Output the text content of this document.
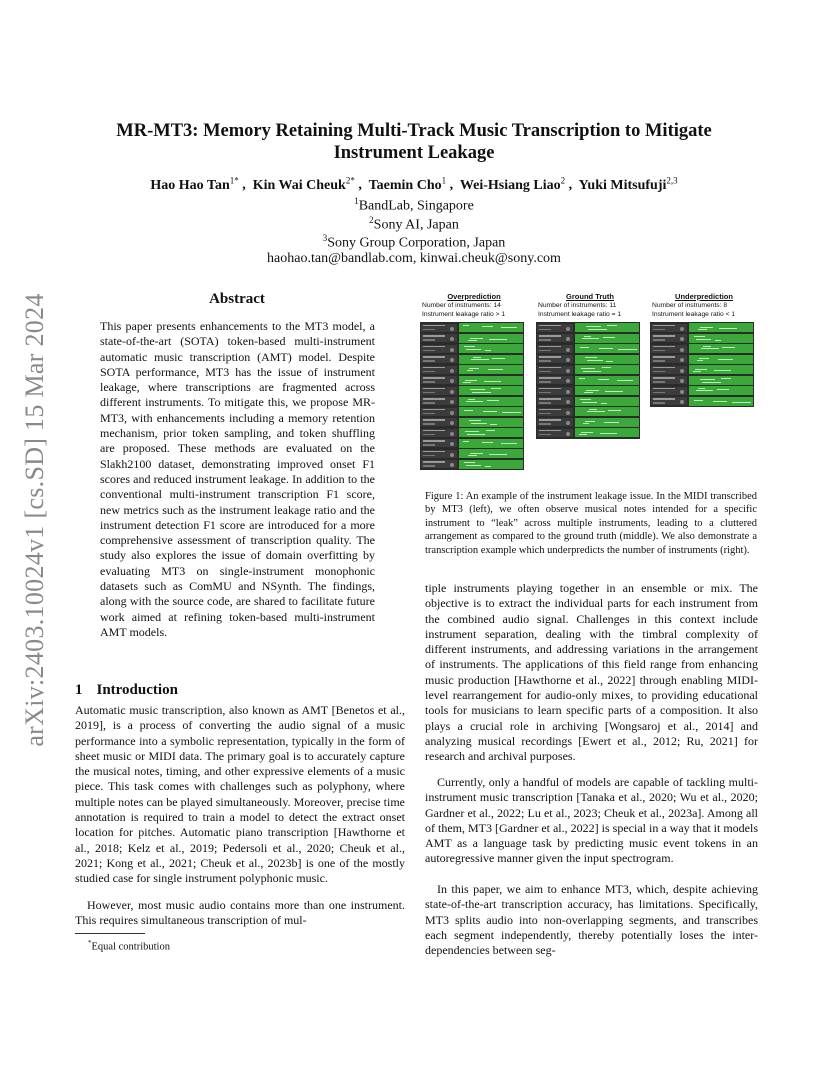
arXiv:2403.10024v1 [cs.SD] 15 Mar 2024
MR-MT3: Memory Retaining Multi-Track Music Transcription to Mitigate
Instrument Leakage
Hao Hao Tan$^{1*}$ ,  Kin Wai Cheuk$^{2*}$ ,  Taemin Cho$^1$ ,  Wei-Hsiang Liao$^2$ ,  Yuki Mitsufuji$^{2,3}$
$^1$BandLab, Singapore
$^2$Sony AI, Japan
$^3$Sony Group Corporation, Japan
haohao.tan@bandlab.com, kinwai.cheuk@sony.com
Abstract
This paper presents enhancements to the MT3 model, a state-of-the-art (SOTA) token-based multi-instrument automatic music transcription (AMT) model. Despite SOTA performance, MT3 has the issue of instrument leakage, where transcriptions are fragmented across different instruments. To mitigate this, we propose MR-MT3, with enhancements including a memory retention mechanism, prior token sampling, and token shuffling are proposed. These methods are evaluated on the Slakh2100 dataset, demonstrating improved onset F1 scores and reduced instrument leakage. In addition to the conventional multi-instrument transcription F1 score, new metrics such as the instrument leakage ratio and the instrument detection F1 score are introduced for a more comprehensive assessment of transcription quality. The study also explores the issue of domain overfitting by evaluating MT3 on single-instrument monophonic datasets such as ComMU and NSynth. The findings, along with the source code, are shared to facilitate future work aimed at refining token-based multi-instrument AMT models.
1 Introduction
Automatic music transcription, also known as AMT [Benetos et al., 2019], is a process of converting the audio signal of a music performance into a symbolic representation, typically in the form of sheet music or MIDI data. The primary goal is to accurately capture the musical notes, timing, and other expressive elements of a music piece. This task comes with challenges such as polyphony, where multiple notes can be played simultaneously. Moreover, precise time annotation is required to train a model to detect the extract onset location for pitches. Automatic piano transcription [Hawthorne et al., 2018; Kelz et al., 2019; Pedersoli et al., 2020; Cheuk et al., 2021; Kong et al., 2021; Cheuk et al., 2023b] is one of the mostly studied case for single instrument polyphonic music.
However, most music audio contains more than one instrument. This requires simultaneous transcription of mul-
*Equal contribution
Overprediction
Number of instruments: 14
Instrument leakage ratio > 1
Ground Truth
Number of instruments: 11
Instrument leakage ratio = 1
Underprediction
Number of instruments: 8
Instrument leakage ratio < 1
Figure 1: An example of the instrument leakage issue. In the MIDI transcribed by MT3 (left), we often observe musical notes intended for a specific instrument to “leak” across multiple instruments, leading to a cluttered arrangement as compared to the ground truth (middle). We also demonstrate a transcription example which underpredicts the number of instruments (right).
tiple instruments playing together in an ensemble or mix. The objective is to extract the individual parts for each instrument from the combined audio signal. Challenges in this context include instrument separation, dealing with the timbral complexity of different instruments, and addressing variations in the arrangement of instruments. The applications of this field range from enhancing music production [Hawthorne et al., 2022] through enabling MIDI-level rearrangement for audio-only mixes, to providing educational tools for musicians to learn specific parts of a composition. It also plays a crucial role in archiving [Wongsaroj et al., 2014] and analyzing musical recordings [Ewert et al., 2012; Ru, 2021] for research and archival purposes.
Currently, only a handful of models are capable of tackling multi-instrument music transcription [Tanaka et al., 2020; Wu et al., 2020; Gardner et al., 2022; Lu et al., 2023; Cheuk et al., 2023a]. Among all of them, MT3 [Gardner et al., 2022] is special in a way that it models AMT as a language task by predicting music event tokens in an autoregressive manner given the input spectrogram.
In this paper, we aim to enhance MT3, which, despite achieving state-of-the-art transcription accuracy, has limitations. Specifically, MT3 splits audio into non-overlapping segments, and transcribes each segment independently, thereby potentially loses the inter-dependencies between seg-
